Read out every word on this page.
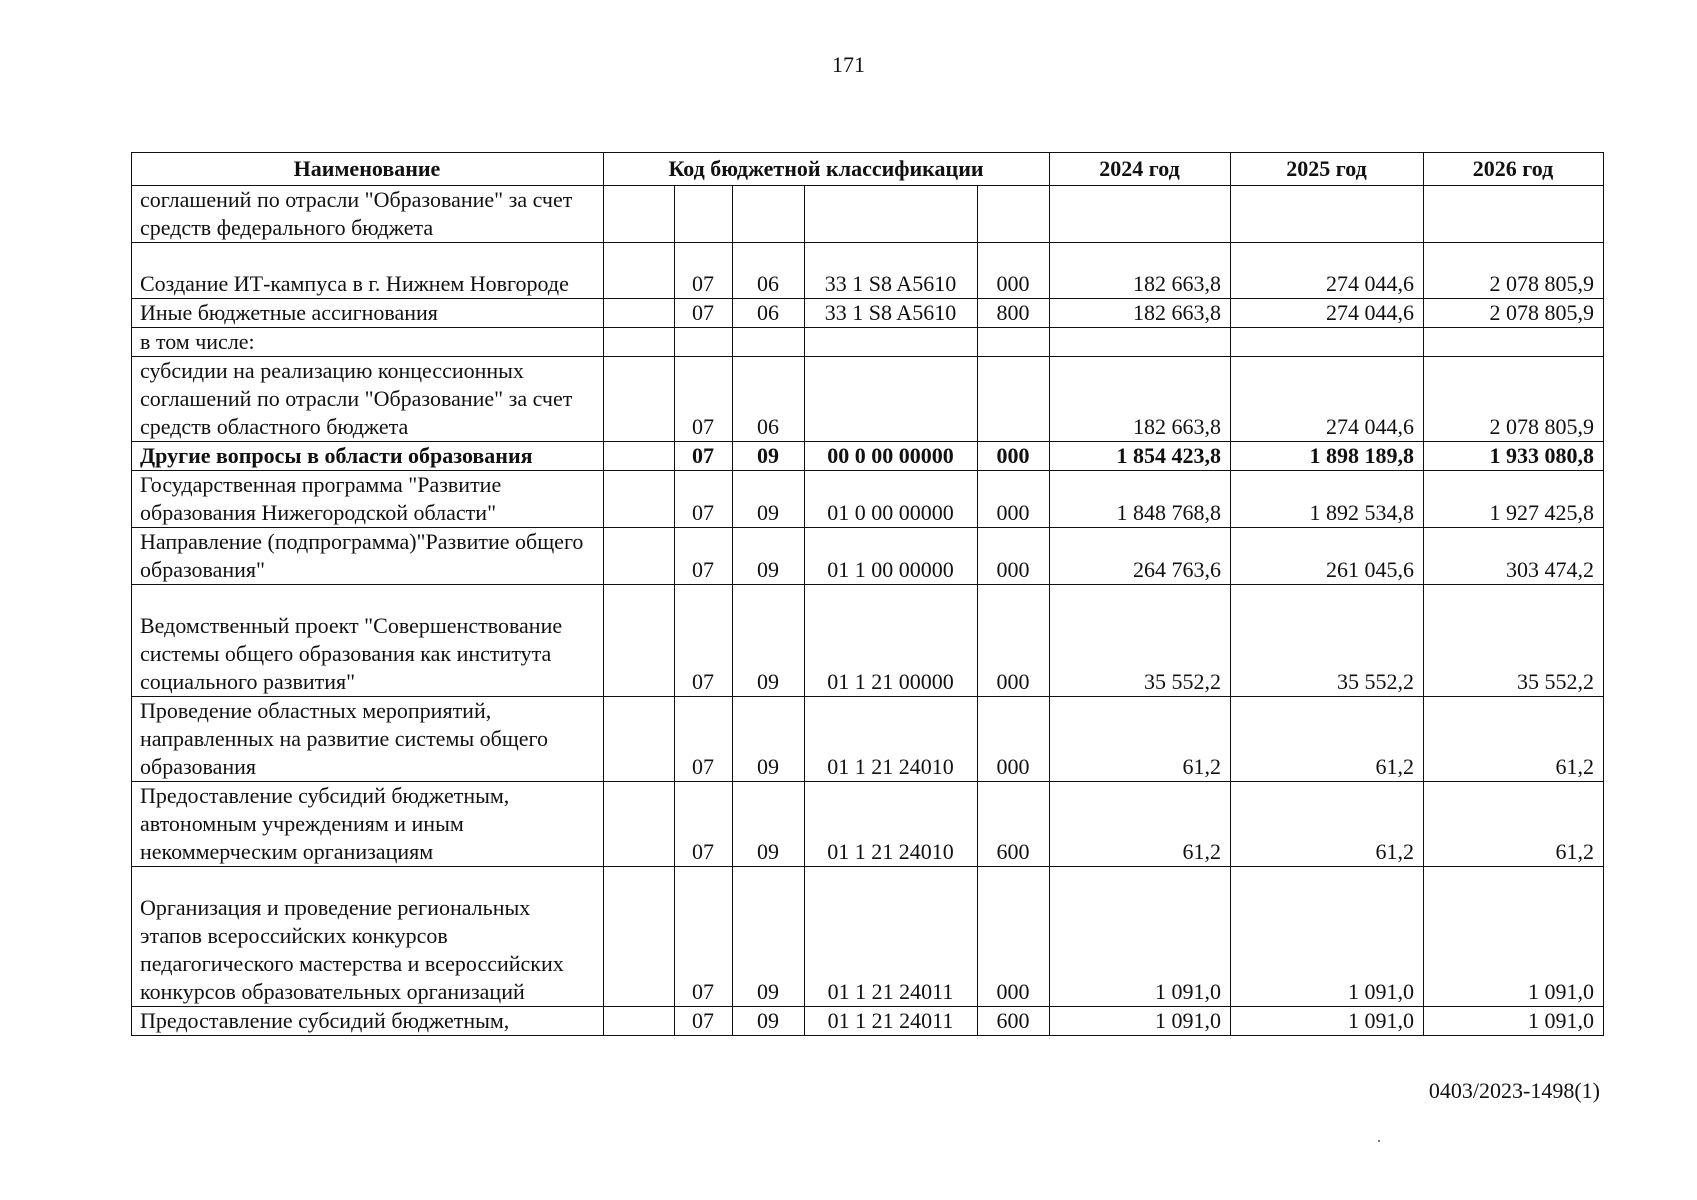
171
Наименование	Код бюджетной классификации					2024 год	2025 год	2026 год
соглашений по отрасли "Образование" за счет средств федерального бюджета								
Создание ИТ-кампуса в г. Нижнем Новгороде		07	06	33 1 S8 A5610	000	182 663,8	274 044,6	2 078 805,9
Иные бюджетные ассигнования		07	06	33 1 S8 A5610	800	182 663,8	274 044,6	2 078 805,9
в том числе:								
субсидии на реализацию концессионных соглашений по отрасли "Образование" за счет средств областного бюджета		07	06			182 663,8	274 044,6	2 078 805,9
Другие вопросы в области образования		07	09	00 0 00 00000	000	1 854 423,8	1 898 189,8	1 933 080,8
Государственная программа "Развитие образования Нижегородской области"		07	09	01 0 00 00000	000	1 848 768,8	1 892 534,8	1 927 425,8
Направление (подпрограмма)"Развитие общего образования"		07	09	01 1 00 00000	000	264 763,6	261 045,6	303 474,2
Ведомственный проект "Совершенствование системы общего образования как института социального развития"		07	09	01 1 21 00000	000	35 552,2	35 552,2	35 552,2
Проведение областных мероприятий, направленных на развитие системы общего образования		07	09	01 1 21 24010	000	61,2	61,2	61,2
Предоставление субсидий бюджетным, автономным учреждениям и иным некоммерческим организациям		07	09	01 1 21 24010	600	61,2	61,2	61,2
Организация и проведение региональных этапов всероссийских конкурсов педагогического мастерства и всероссийских конкурсов образовательных организаций		07	09	01 1 21 24011	000	1 091,0	1 091,0	1 091,0
Предоставление субсидий бюджетным,		07	09	01 1 21 24011	600	1 091,0	1 091,0	1 091,0
0403/2023-1498(1)
